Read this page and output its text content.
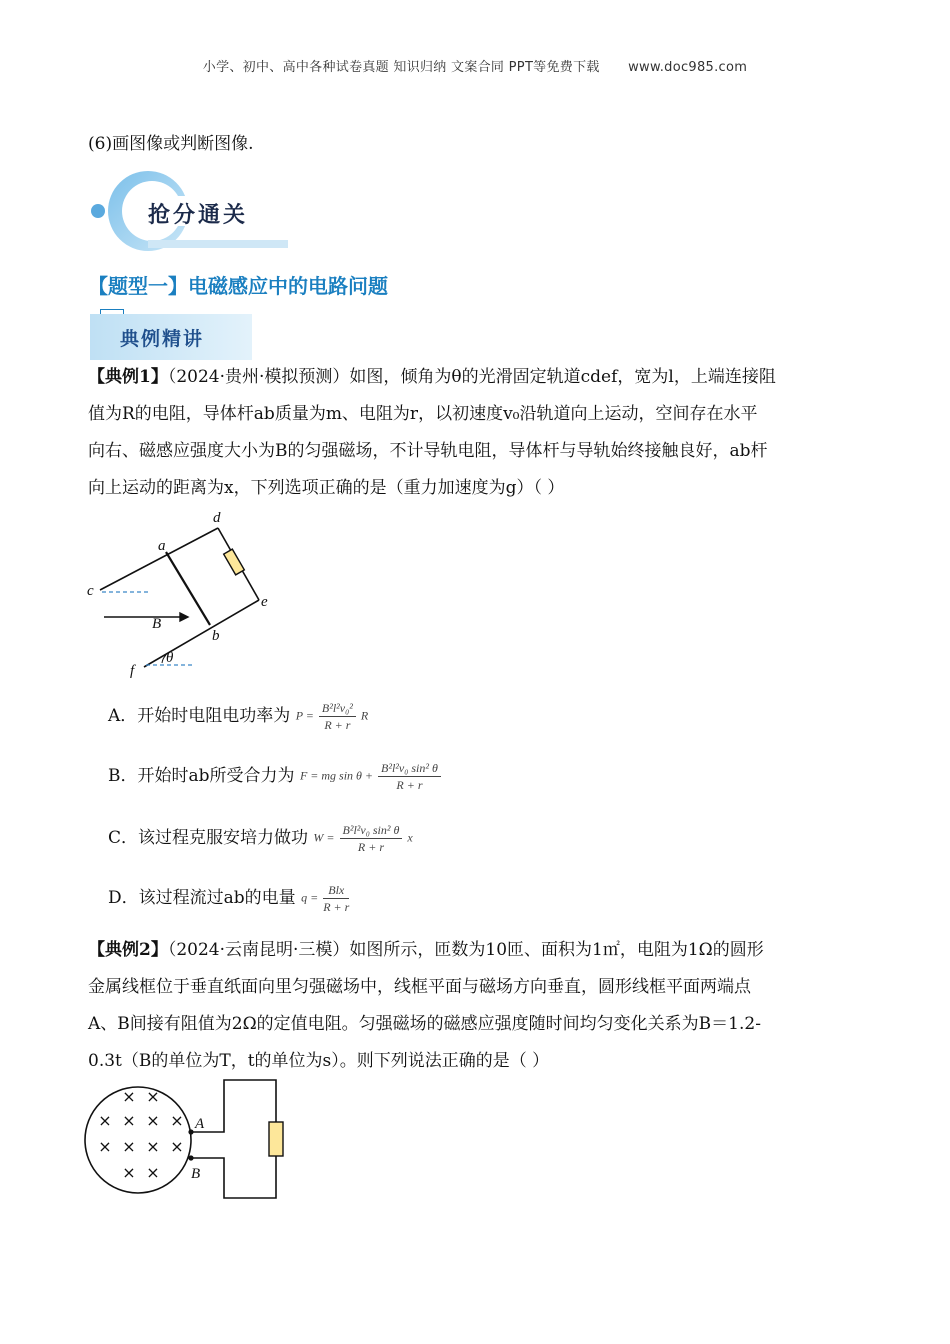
小学、初中、高中各种试卷真题 知识归纳 文案合同 PPT等免费下载 www.doc985.com
(6)画图像或判断图像.
抢分通关
【题型一】电磁感应中的电路问题
典例精讲
【典例1】（2024·贵州·模拟预测）如图，倾角为θ的光滑固定轨道cdef，宽为l，上端连接阻
值为R的电阻，导体杆ab质量为m、电阻为r，以初速度v₀沿轨道向上运动，空间存在水平
向右、磁感应强度大小为B的匀强磁场，不计导轨电阻，导体杆与导轨始终接触良好，ab杆
向上运动的距离为x，下列选项正确的是（重力加速度为g）（ ）
a
d
c
e
b
B
θ
f
A．开始时电阻电功率为 $P = \frac{\text{B²l²v₀²}}{R + r}$ R
B．开始时ab所受合力为 F = mg $\sin \theta + \frac{\text{B²l²v₀ sin² θ}}{R + r}$
C．该过程克服安培力做功 $W = \frac{\text{B²l²v₀ sin² θ}}{R + r}$ x
D．该过程流过ab的电量 $q = \frac{\text{Blx}}{R + r}$
【典例2】（2024·云南昆明·三模）如图所示，匝数为10匝、面积为1㎡，电阻为1Ω的圆形
金属线框位于垂直纸面向里匀强磁场中，线框平面与磁场方向垂直，圆形线框平面两端点
A、B间接有阻值为2Ω的定值电阻。匀强磁场的磁感应强度随时间均匀变化关系为B＝1.2-
0.3t（B的单位为T，t的单位为s）。则下列说法正确的是（ ）
× ×
× × × ×
× × × ×
× ×
A
B
